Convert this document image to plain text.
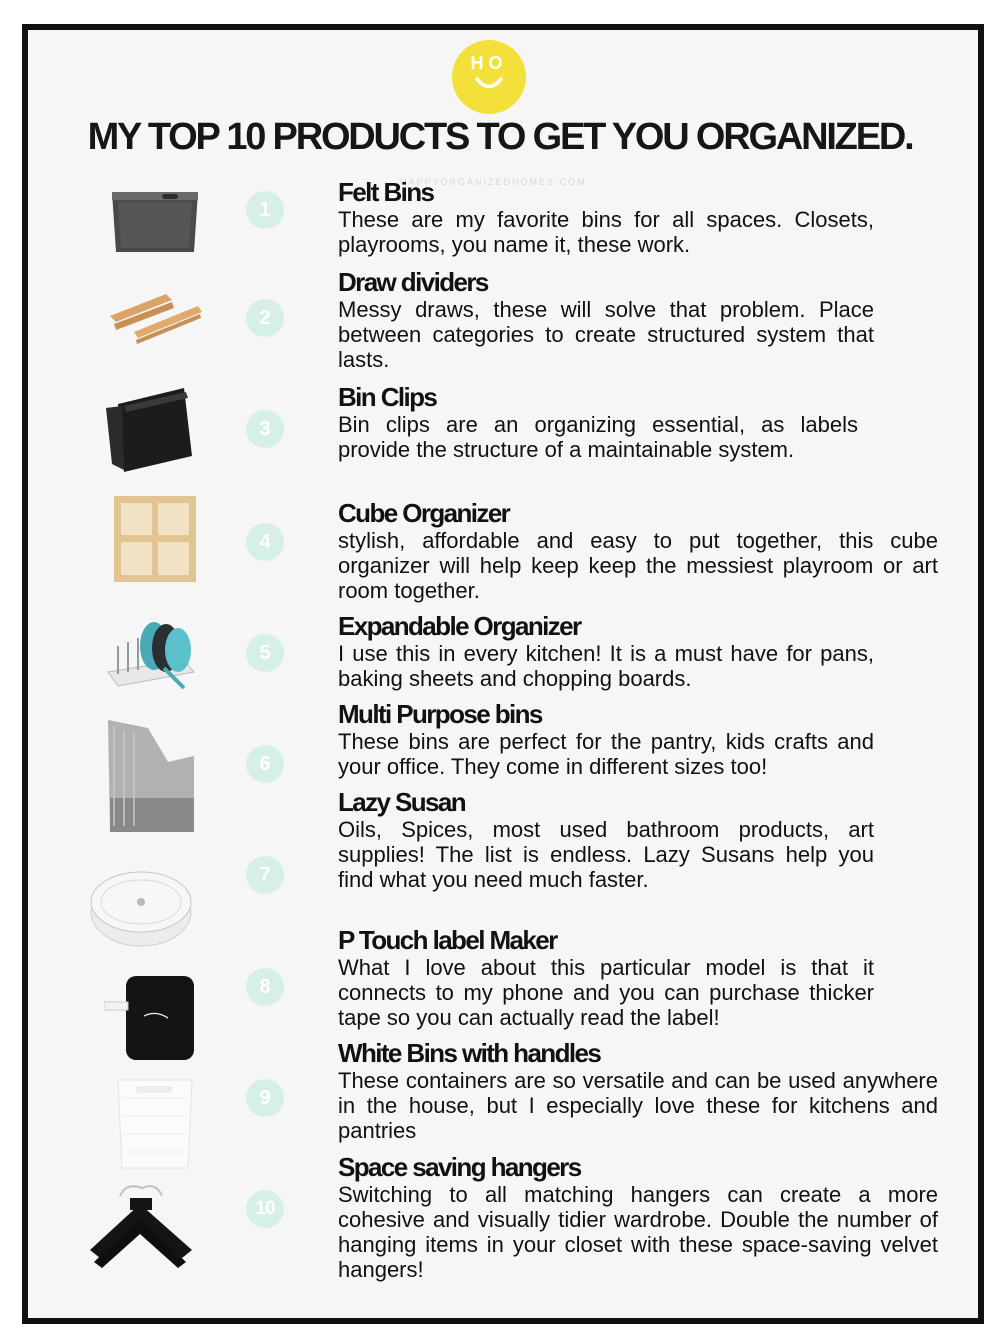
HO
MY TOP 10 PRODUCTS TO GET YOU ORGANIZED.
HAPPYORGANIZEDHOMES.COM
1
2
3
4
5
6
7
8
9
10
Felt Bins
These are my favorite bins for all spaces. Closets, playrooms, you name it, these work.
Draw dividers
Messy draws, these will solve that problem. Place between categories to create structured system that lasts.
Bin Clips
Bin clips are an organizing essential, as labels provide the structure of a maintainable system.
Cube Organizer
stylish, affordable and easy to put together, this cube organizer will help keep keep the messiest playroom or art room together.
Expandable Organizer
I use this in every kitchen! It is a must have for pans, baking sheets and chopping boards.
Multi Purpose bins
These bins are perfect for the pantry, kids crafts and your office. They come in different sizes too!
Lazy Susan
Oils, Spices, most used bathroom products, art supplies! The list is endless. Lazy Susans help you find what you need much faster.
P Touch label Maker
What I love about this particular model is that it connects to my phone and you can purchase thicker tape so you can actually read the label!
White Bins with handles
These containers are so versatile and can be used anywhere in the house, but I especially love these for kitchens and pantries
Space saving hangers
Switching to all matching hangers can create a more cohesive and visually tidier wardrobe. Double the number of hanging items in your closet with these space-saving velvet hangers!
